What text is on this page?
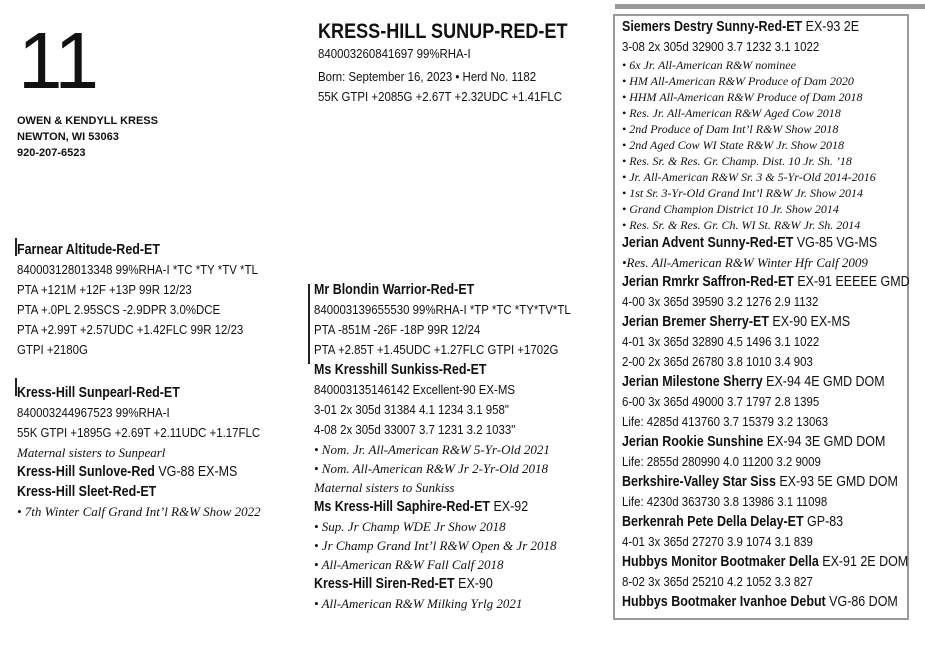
11
OWEN & KENDYLL KRESS
NEWTON, WI 53063
920-207-6523
KRESS-HILL SUNUP-RED-ET
840003260841697 99%RHA-I
Born: September 16, 2023 • Herd No. 1182
55K GTPI +2085G +2.67T +2.32UDC +1.41FLC
Farnear Altitude-Red-ET
840003128013348 99%RHA-I *TC *TY *TV *TL
PTA +121M +12F +13P 99R 12/23
PTA +.0PL 2.95SCS -2.9DPR 3.0%DCE
PTA +2.99T +2.57UDC +1.42FLC 99R 12/23
GTPI +2180G
Kress-Hill Sunpearl-Red-ET
840003244967523 99%RHA-I
55K GTPI +1895G +2.69T +2.11UDC +1.17FLC
Maternal sisters to Sunpearl
Kress-Hill Sunlove-Red VG-88 EX-MS
Kress-Hill Sleet-Red-ET
• 7th Winter Calf Grand Int’l R&W Show 2022
Mr Blondin Warrior-Red-ET
840003139655530 99%RHA-I *TP *TC *TY*TV*TL
PTA -851M -26F -18P 99R 12/24
PTA +2.85T +1.45UDC +1.27FLC GTPI +1702G
Ms Kresshill Sunkiss-Red-ET
840003135146142 Excellent-90 EX-MS
3-01 2x 305d 31384 4.1 1234 3.1 958"
4-08 2x 305d 33007 3.7 1231 3.2 1033"
• Nom. Jr. All-American R&W 5-Yr-Old 2021
• Nom. All-American R&W Jr 2-Yr-Old 2018
Maternal sisters to Sunkiss
Ms Kress-Hill Saphire-Red-ET EX-92
• Sup. Jr Champ WDE Jr Show 2018
• Jr Champ Grand Int’l R&W Open & Jr 2018
• All-American R&W Fall Calf 2018
Kress-Hill Siren-Red-ET EX-90
• All-American R&W Milking Yrlg 2021
Siemers Destry Sunny-Red-ET EX-93 2E
3-08 2x 305d 32900 3.7 1232 3.1 1022
• 6x Jr. All-American R&W nominee
• HM All-American R&W Produce of Dam 2020
• HHM All-American R&W Produce of Dam 2018
• Res. Jr. All-American R&W Aged Cow 2018
• 2nd Produce of Dam Int’l R&W Show 2018
• 2nd Aged Cow WI State R&W Jr. Show 2018
• Res. Sr. & Res. Gr. Champ. Dist. 10 Jr. Sh. ’18
• Jr. All-American R&W Sr. 3 & 5-Yr-Old 2014-2016
• 1st Sr. 3-Yr-Old Grand Int’l R&W Jr. Show 2014
• Grand Champion District 10 Jr. Show 2014
• Res. Sr. & Res. Gr. Ch. WI St. R&W Jr. Sh. 2014
Jerian Advent Sunny-Red-ET VG-85 VG-MS
•Res. All-American R&W Winter Hfr Calf 2009
Jerian Rmrkr Saffron-Red-ET EX-91 EEEEE GMD
4-00 3x 365d 39590 3.2 1276 2.9 1132
Jerian Bremer Sherry-ET EX-90 EX-MS
4-01 3x 365d 32890 4.5 1496 3.1 1022
2-00 2x 365d 26780 3.8 1010 3.4 903
Jerian Milestone Sherry EX-94 4E GMD DOM
6-00 3x 365d 49000 3.7 1797 2.8 1395
Life: 4285d 413760 3.7 15379 3.2 13063
Jerian Rookie Sunshine EX-94 3E GMD DOM
Life: 2855d 280990 4.0 11200 3.2 9009
Berkshire-Valley Star Siss EX-93 5E GMD DOM
Life: 4230d 363730 3.8 13986 3.1 11098
Berkenrah Pete Della Delay-ET GP-83
4-01 3x 365d 27270 3.9 1074 3.1 839
Hubbys Monitor Bootmaker Della EX-91 2E DOM
8-02 3x 365d 25210 4.2 1052 3.3 827
Hubbys Bootmaker Ivanhoe Debut VG-86 DOM
